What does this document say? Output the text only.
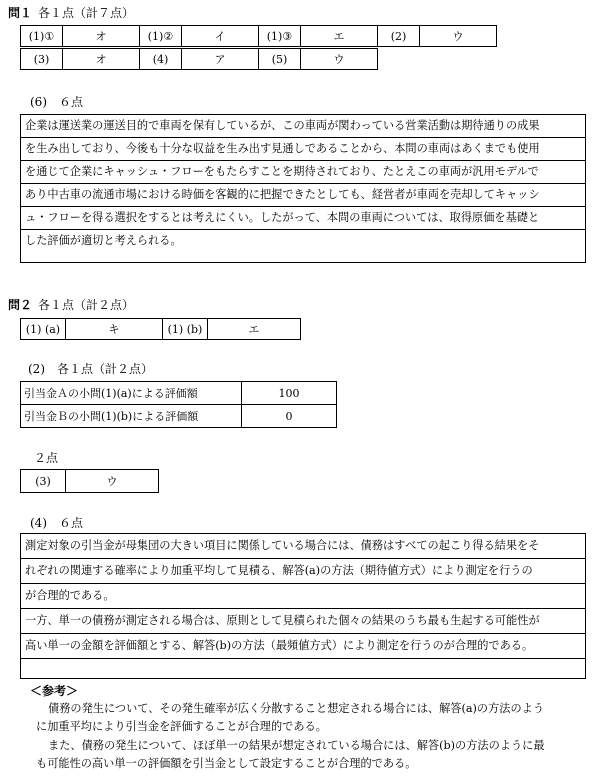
問１ 各１点（計７点）
(1)①	オ	(1)②	イ	(1)③	エ	(2)	ウ
(3)	オ	(4)	ア	(5)	ウ
(6)　６点
企業は運送業の運送目的で車両を保有しているが、この車両が関わっている営業活動は期待通りの成果
を生み出しており、今後も十分な収益を生み出す見通しであることから、本問の車両はあくまでも使用
を通じて企業にキャッシュ・フローをもたらすことを期待されており、たとえこの車両が汎用モデルで
あり中古車の流通市場における時価を客観的に把握できたとしても、経営者が車両を売却してキャッシ
ュ・フローを得る選択をするとは考えにくい。したがって、本問の車両については、取得原価を基礎と
した評価が適切と考えられる。
問２ 各１点（計２点）
(1) (a)	キ	(1) (b)	エ
(2)　各１点（計２点）
引当金Ａの小問(1)(a)による評価額	100
引当金Ｂの小問(1)(b)による評価額	0
２点
(3)	ウ
(4)　６点
測定対象の引当金が母集団の大きい項目に関係している場合には、債務はすべての起こり得る結果をそ
れぞれの関連する確率により加重平均して見積る、解答(a)の方法（期待値方式）により測定を行うの
が合理的である。
一方、単一の債務が測定される場合は、原則として見積られた個々の結果のうち最も生起する可能性が
高い単一の金額を評価額とする、解答(b)の方法（最頻値方式）により測定を行うのが合理的である。
＜参考＞
債務の発生について、その発生確率が広く分散すること想定される場合には、解答(a)の方法のよう
に加重平均により引当金を評価することが合理的である。
また、債務の発生について、ほぼ単一の結果が想定されている場合には、解答(b)の方法のように最
も可能性の高い単一の評価額を引当金として設定することが合理的である。
